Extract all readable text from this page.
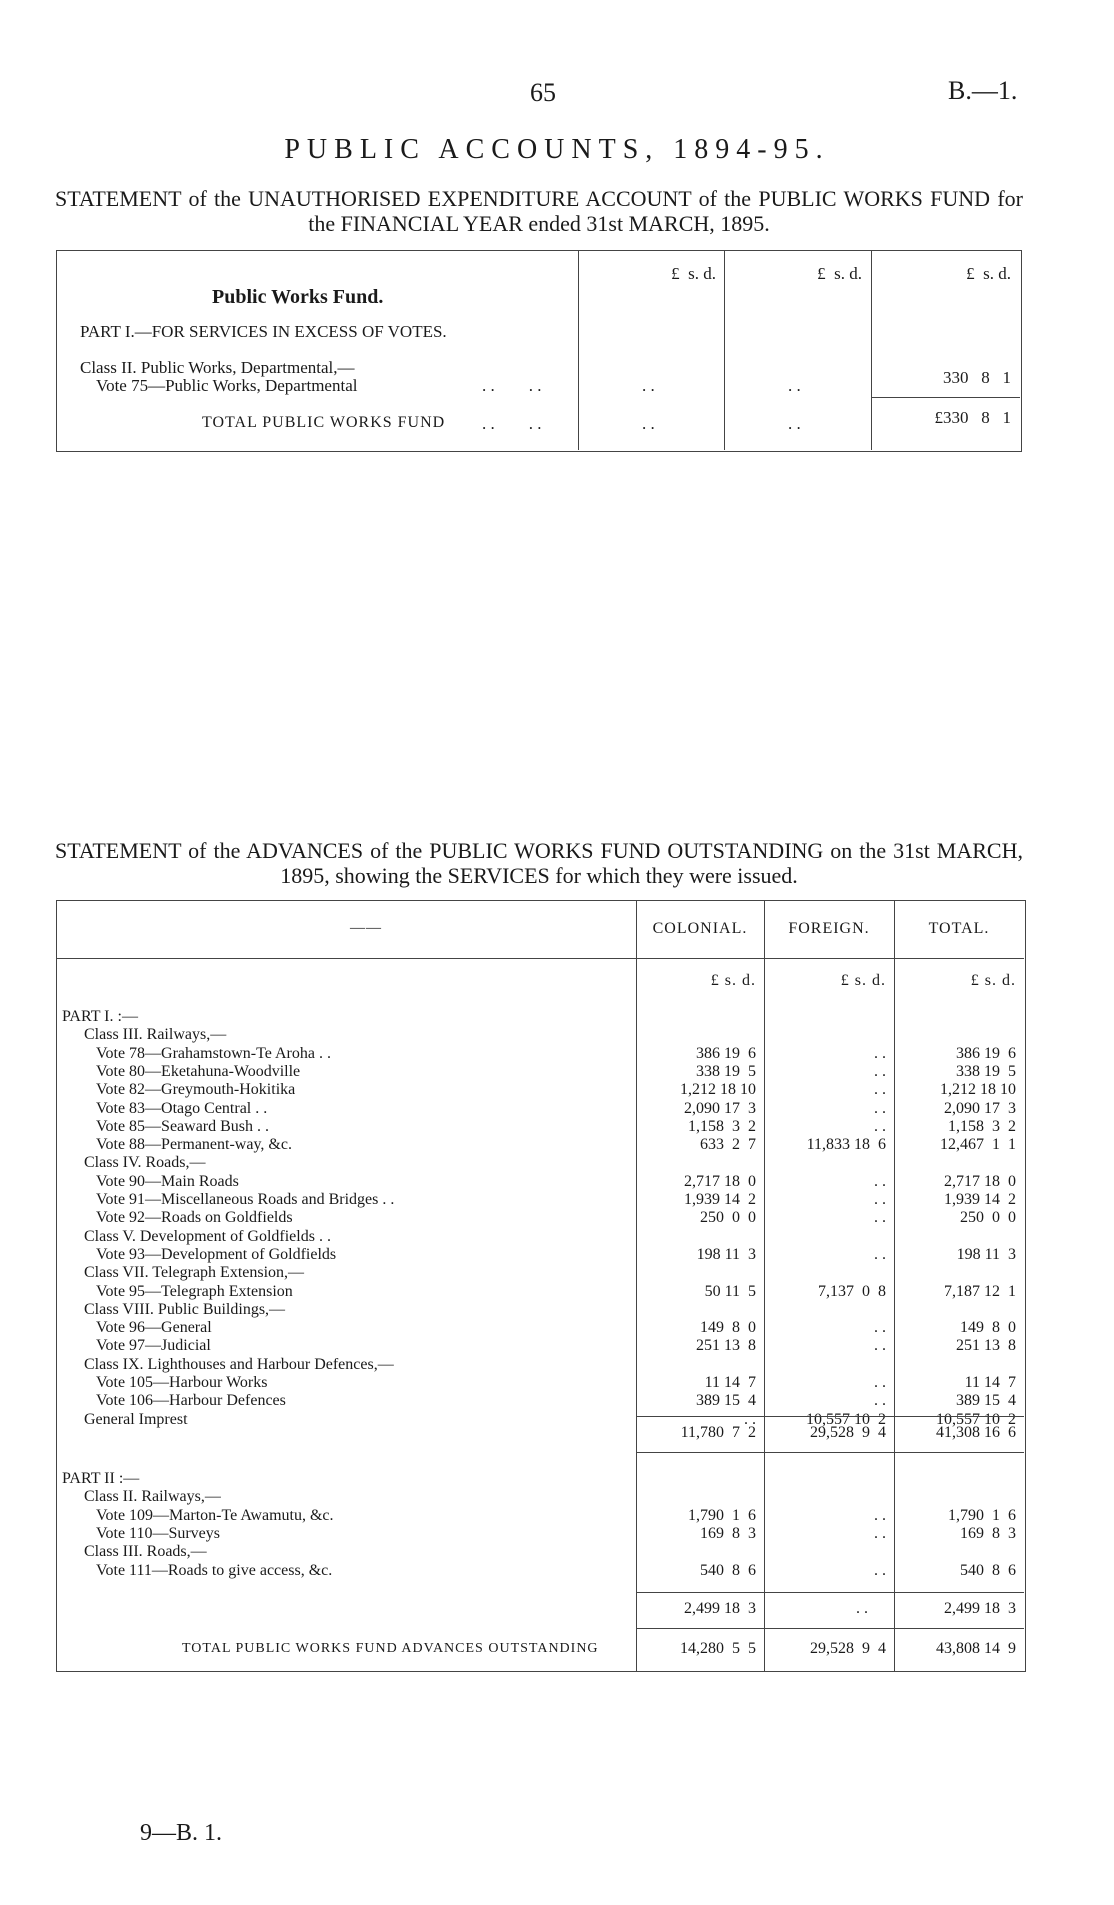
65	B.—1.
PUBLIC ACCOUNTS, 1894-95.
STATEMENT of the UNAUTHORISED EXPENDITURE ACCOUNT of the PUBLIC WORKS FUND for the FINANCIAL YEAR ended 31st MARCH, 1895.
£  s. d.	£  s. d.	£  s. d.
Public Works Fund.
PART I.—FOR SERVICES IN EXCESS OF VOTES.
Class II. Public Works, Departmental,—
Vote 75—Public Works, Departmental	. .        . .	. .	. .	330   8   1
TOTAL PUBLIC WORKS FUND . .        . .	. .	. .	£330   8   1
STATEMENT of the ADVANCES of the PUBLIC WORKS FUND OUTSTANDING on the 31st MARCH, 1895, showing the SERVICES for which they were issued.
——	COLONIAL.	FOREIGN.	TOTAL.
£ s. d.	£ s. d.	£ s. d.
PART I. :—
Class III. Railways,—
Vote 78—Grahamstown-Te Aroha . .	386 19  6	. .	386 19  6
Vote 80—Eketahuna-Woodville	338 19  5	. .	338 19  5
Vote 82—Greymouth-Hokitika	1,212 18 10	. .	1,212 18 10
Vote 83—Otago Central . .	2,090 17  3	. .	2,090 17  3
Vote 85—Seaward Bush . .	1,158  3  2	. .	1,158  3  2
Vote 88—Permanent-way, &c.	633  2  7	11,833 18  6	12,467  1  1
Class IV. Roads,—
Vote 90—Main Roads	2,717 18  0	. .	2,717 18  0
Vote 91—Miscellaneous Roads and Bridges . .	1,939 14  2	. .	1,939 14  2
Vote 92—Roads on Goldfields	250  0  0	. .	250  0  0
Class V. Development of Goldfields . .
Vote 93—Development of Goldfields	198 11  3	. .	198 11  3
Class VII. Telegraph Extension,—
Vote 95—Telegraph Extension	50 11  5	7,137  0  8	7,187 12  1
Class VIII. Public Buildings,—
Vote 96—General	149  8  0	. .	149  8  0
Vote 97—Judicial	251 13  8	. .	251 13  8
Class IX. Lighthouses and Harbour Defences,—
Vote 105—Harbour Works	11 14  7	. .	11 14  7
Vote 106—Harbour Defences	389 15  4	. .	389 15  4
General Imprest	. .	10,557 10  2	10,557 10  2
11,780  7  2	29,528  9  4	41,308 16  6
PART II :—
Class II. Railways,—
Vote 109—Marton-Te Awamutu, &c.	1,790  1  6	. .	1,790  1  6
Vote 110—Surveys	169  8  3	. .	169  8  3
Class III. Roads,—
Vote 111—Roads to give access, &c.	540  8  6	. .	540  8  6
2,499 18  3	. .	2,499 18  3
TOTAL PUBLIC WORKS FUND ADVANCES OUTSTANDING	14,280  5  5	29,528  9  4	43,808 14  9
9—B. 1.
